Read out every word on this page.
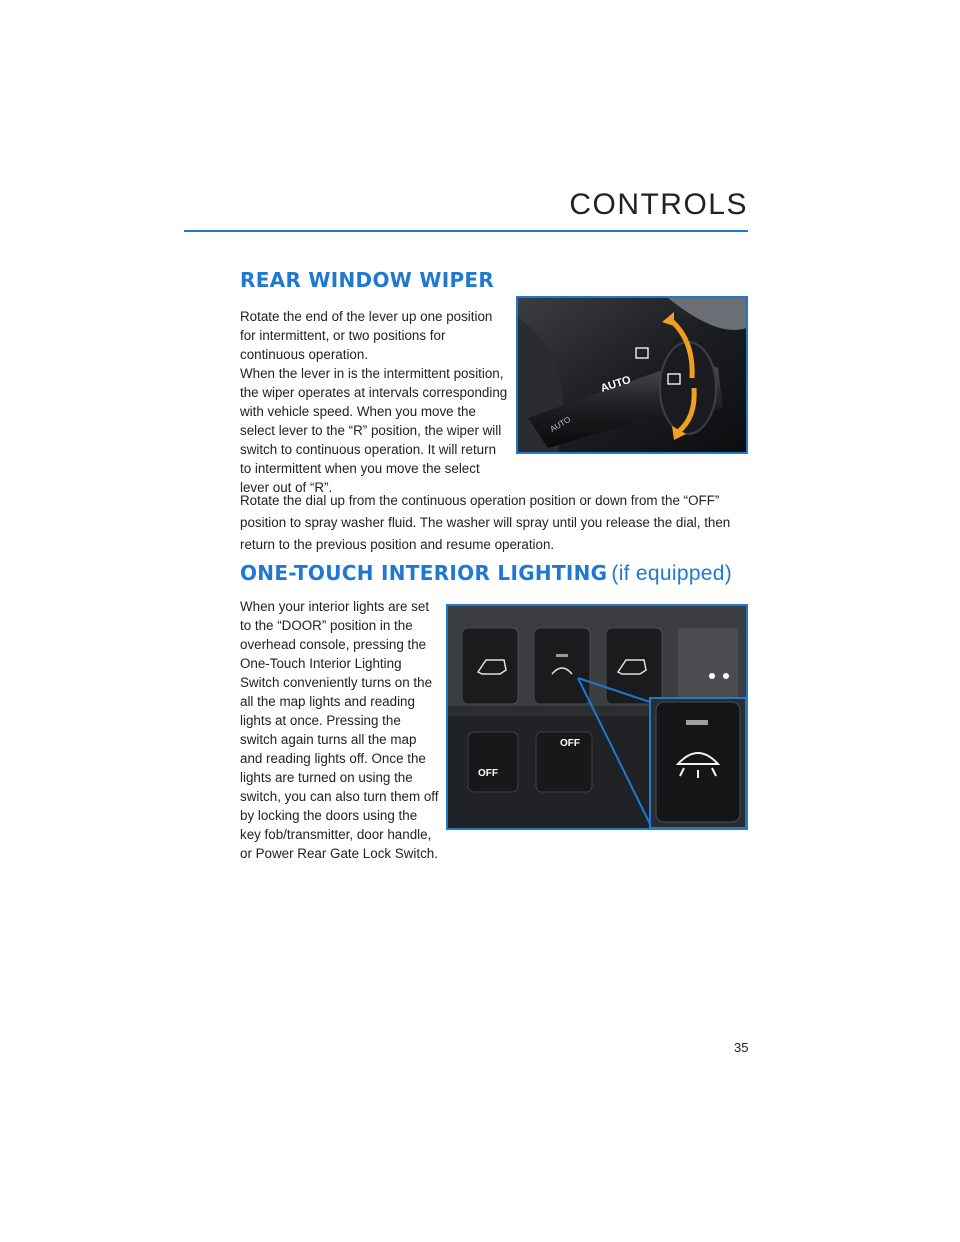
CONTROLS
REAR WINDOW WIPER

Rotate the end of the lever up one position for intermittent, or two positions for continuous operation.

When the lever in is the intermittent position, the wiper operates at intervals corresponding with vehicle speed. When you move the select lever to the “R” position, the wiper will switch to continuous operation. It will return to intermittent when you move the select lever out of “R”.

Rotate the dial up from the continuous operation position or down from the “OFF” position to spray washer fluid. The washer will spray until you release the dial, then return to the previous position and resume operation.

AUTO
AUTO
ONE-TOUCH INTERIOR LIGHTING (if equipped)

When your interior lights are set to the “DOOR” position in the overhead console, pressing the One-Touch Interior Lighting Switch conveniently turns on the all the map lights and reading lights at once. Pressing the switch again turns all the map and reading lights off. Once the lights are turned on using the switch, you can also turn them off by locking the doors using the key fob/transmitter, door handle, or Power Rear Gate Lock Switch.

OFF
OFF
35
